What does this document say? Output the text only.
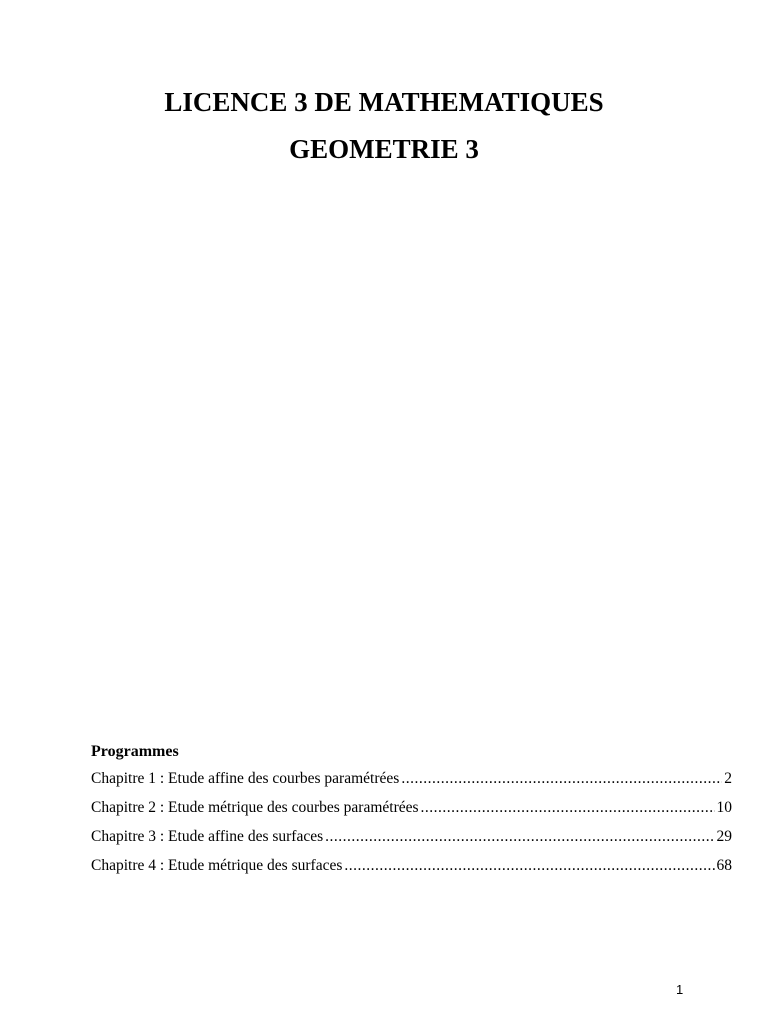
LICENCE 3 DE MATHEMATIQUES
GEOMETRIE 3
Programmes
Chapitre 1 : Etude affine des courbes paramétrées .....	2
Chapitre 2 : Etude métrique des courbes paramétrées .....	10
Chapitre 3 : Etude affine des surfaces .....	29
Chapitre 4 : Etude métrique des surfaces .....	68
1
